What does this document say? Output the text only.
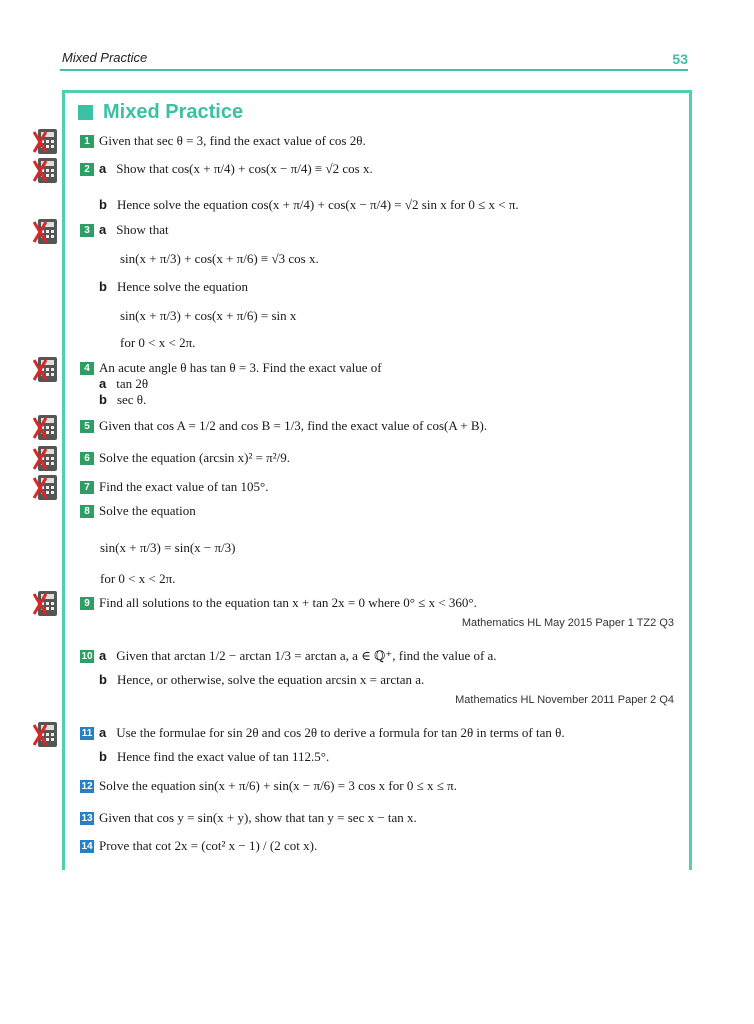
Mixed Practice	53
Mixed Practice
1 Given that sec θ = 3, find the exact value of cos 2θ.
2 a Show that cos(x + π/4) + cos(x − π/4) ≡ √2 cos x.
b Hence solve the equation cos(x + π/4) + cos(x − π/4) = √2 sin x for 0 ≤ x < π.
3 a Show that
sin(x + π/3) + cos(x + π/6) ≡ √3 cos x.
b Hence solve the equation
sin(x + π/3) + cos(x + π/6) = sin x
for 0 < x < 2π.
4 An acute angle θ has tan θ = 3. Find the exact value of
a tan 2θ
b sec θ.
5 Given that cos A = 1/2 and cos B = 1/3, find the exact value of cos(A + B).
6 Solve the equation (arcsin x)² = π²/9.
7 Find the exact value of tan 105°.
8 Solve the equation
sin(x + π/3) = sin(x − π/3)
for 0 < x < 2π.
9 Find all solutions to the equation tan x + tan 2x = 0 where 0° ≤ x < 360°.
Mathematics HL May 2015 Paper 1 TZ2 Q3
10 a Given that arctan 1/2 − arctan 1/3 = arctan a, a ∈ ℚ⁺, find the value of a.
b Hence, or otherwise, solve the equation arcsin x = arctan a.
Mathematics HL November 2011 Paper 2 Q4
11 a Use the formulae for sin 2θ and cos 2θ to derive a formula for tan 2θ in terms of tan θ.
b Hence find the exact value of tan 112.5°.
12 Solve the equation sin(x + π/6) + sin(x − π/6) = 3 cos x for 0 ≤ x ≤ π.
13 Given that cos y = sin(x + y), show that tan y = sec x − tan x.
14 Prove that cot 2x = (cot² x − 1) / (2 cot x).
